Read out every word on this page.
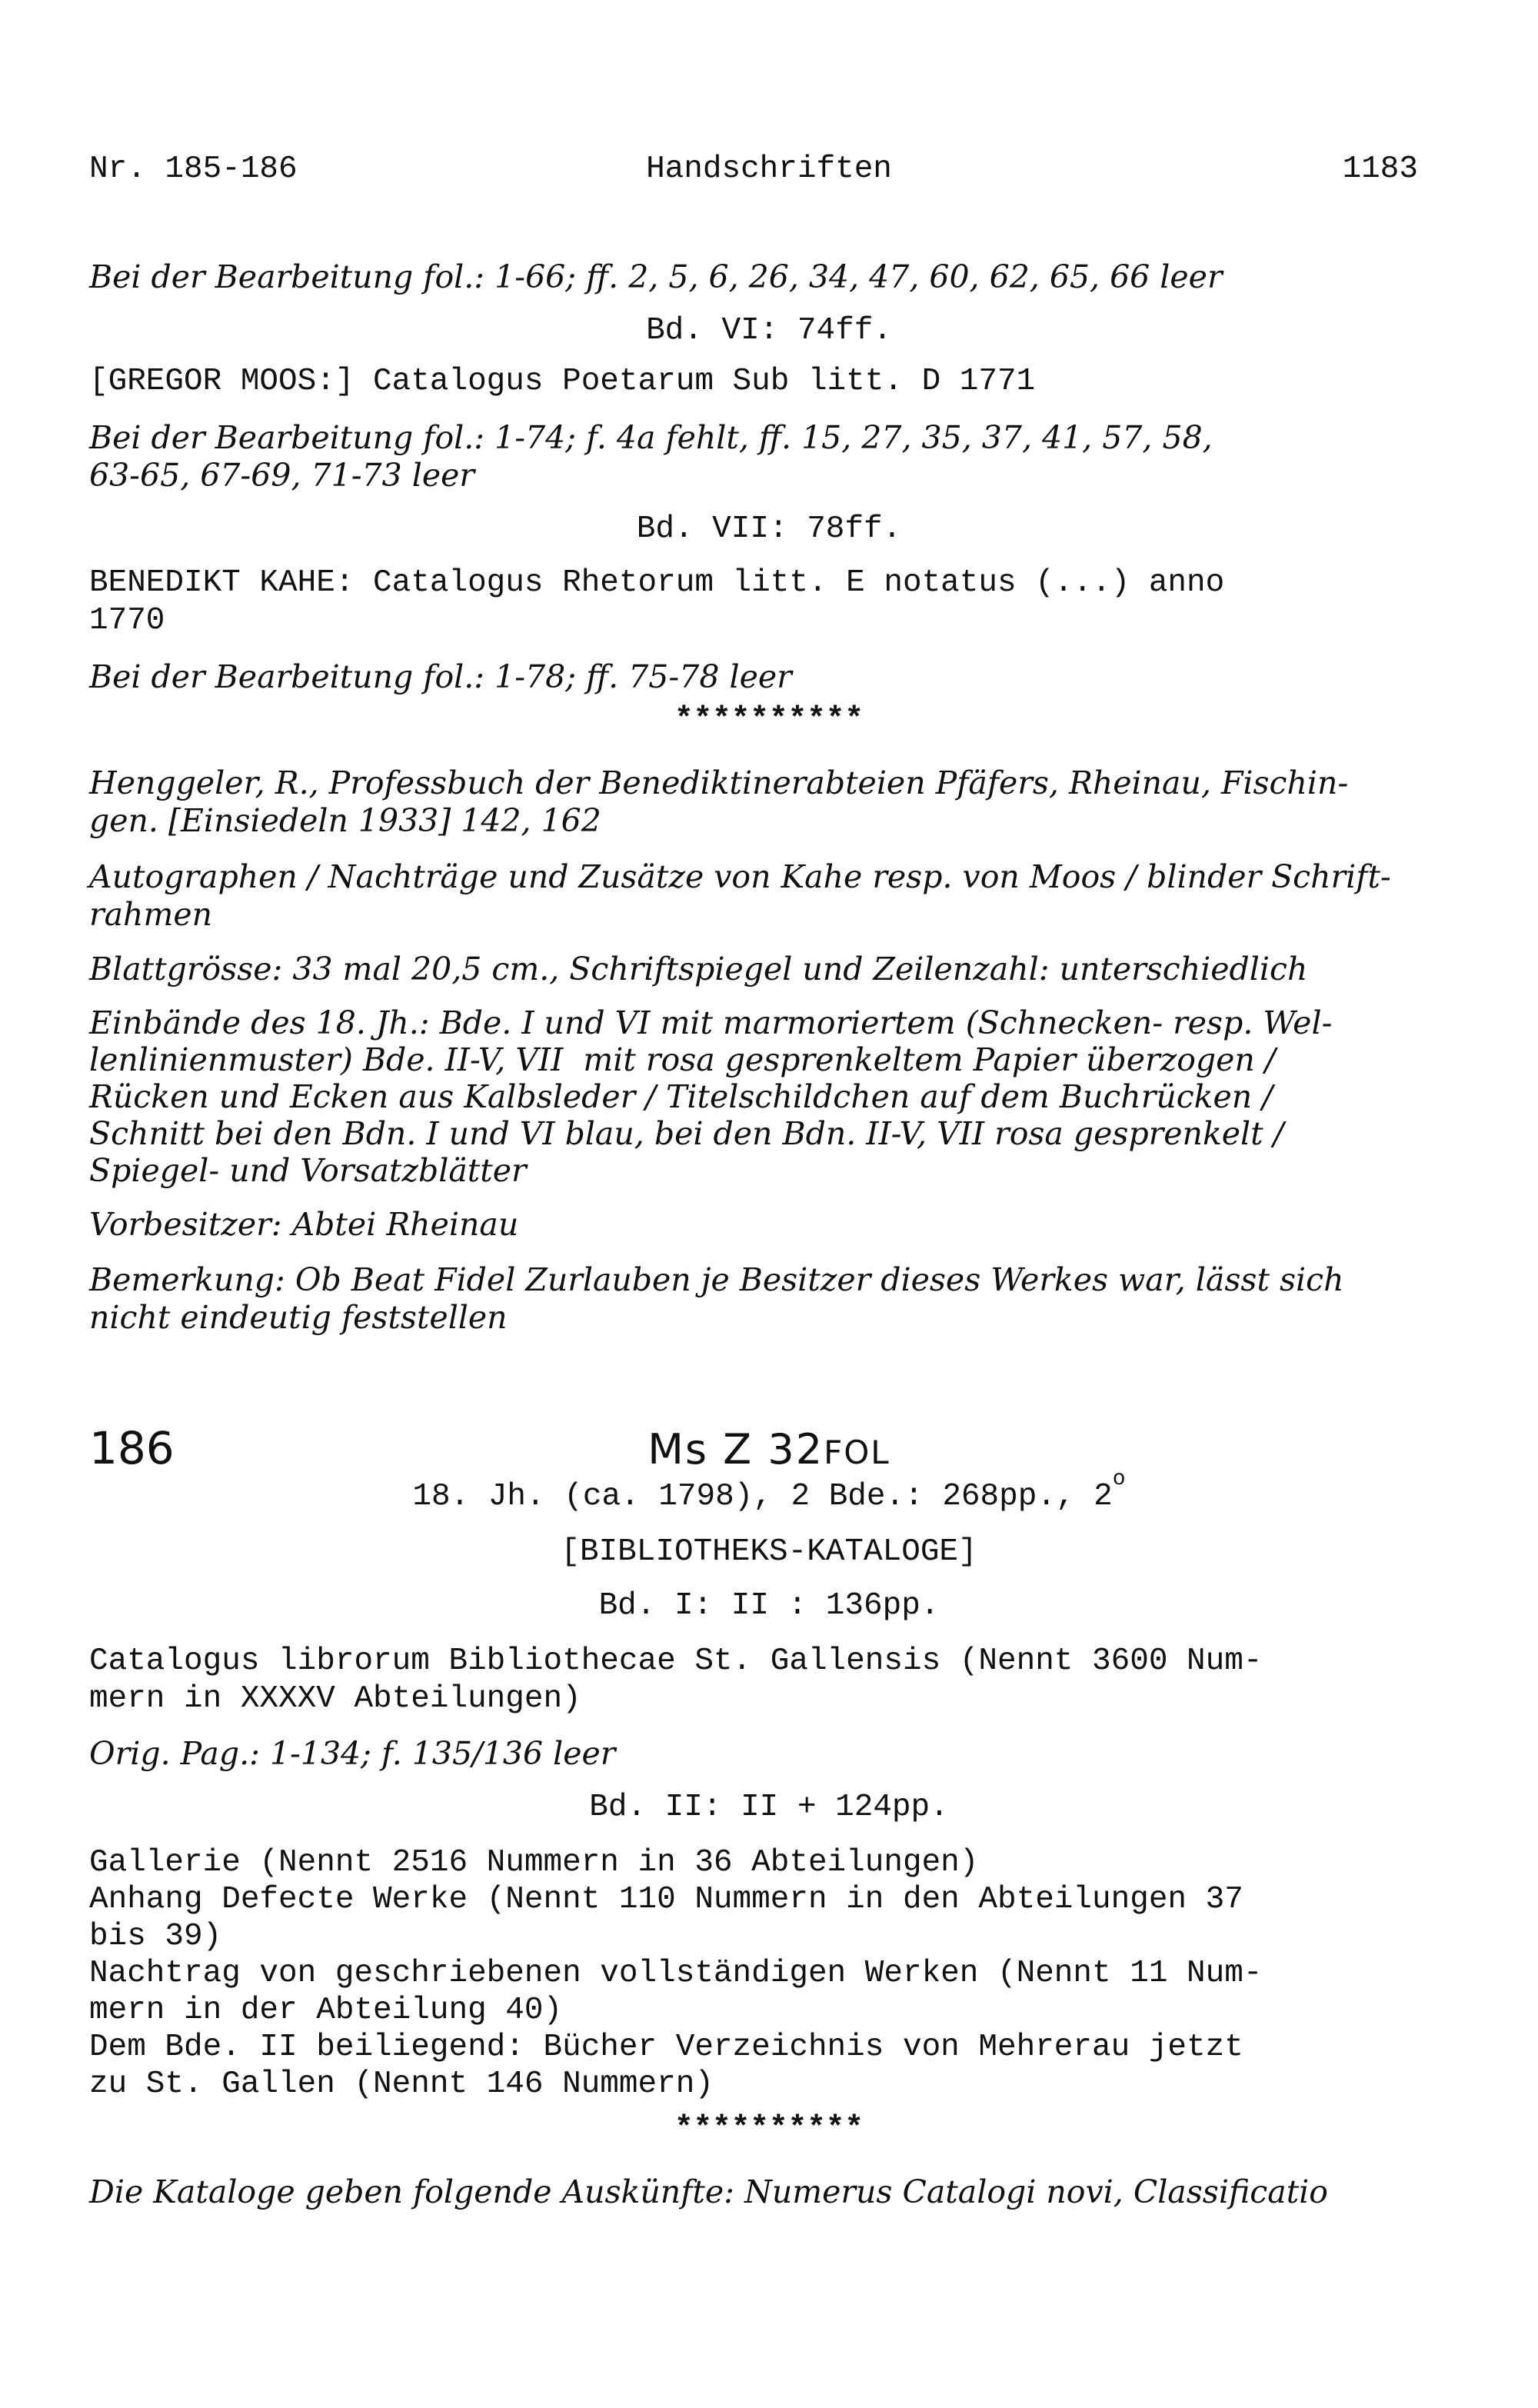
Nr. 185-186	Handschriften	1183

Bei der Bearbeitung fol.: 1-66; ff. 2, 5, 6, 26, 34, 47, 60, 62, 65, 66 leer

Bd. VI: 74ff.

[GREGOR MOOS:] Catalogus Poetarum Sub litt. D 1771

Bei der Bearbeitung fol.: 1-74; f. 4a fehlt, ff. 15, 27, 35, 37, 41, 57, 58,

63-65, 67-69, 71-73 leer

Bd. VII: 78ff.

BENEDIKT KAHE: Catalogus Rhetorum litt. E notatus (...) anno

1770

Bei der Bearbeitung fol.: 1-78; ff. 75-78 leer

**********

Henggeler, R., Professbuch der Benediktinerabteien Pfäfers, Rheinau, Fischin-

gen. [Einsiedeln 1933] 142, 162

Autographen / Nachträge und Zusätze von Kahe resp. von Moos / blinder Schrift-

rahmen

Blattgrösse: 33 mal 20,5 cm., Schriftspiegel und Zeilenzahl: unterschiedlich

Einbände des 18. Jh.: Bde. I und VI mit marmoriertem (Schnecken- resp. Wel-

lenlinienmuster) Bde. II-V, VII  mit rosa gesprenkeltem Papier überzogen /

Rücken und Ecken aus Kalbsleder / Titelschildchen auf dem Buchrücken /

Schnitt bei den Bdn. I und VI blau, bei den Bdn. II-V, VII rosa gesprenkelt /

Spiegel- und Vorsatzblätter

Vorbesitzer: Abtei Rheinau

Bemerkung: Ob Beat Fidel Zurlauben je Besitzer dieses Werkes war, lässt sich

nicht eindeutig feststellen

186	Ms Z 32FOL

18. Jh. (ca. 1798), 2 Bde.: 268pp., 2$^o$

[BIBLIOTHEKS-KATALOGE]

Bd. I: II : 136pp.

Catalogus librorum Bibliothecae St. Gallensis (Nennt 3600 Num-

mern in XXXXV Abteilungen)

Orig. Pag.: 1-134; f. 135/136 leer

Bd. II: II + 124pp.

Gallerie (Nennt 2516 Nummern in 36 Abteilungen)

Anhang Defecte Werke (Nennt 110 Nummern in den Abteilungen 37

bis 39)

Nachtrag von geschriebenen vollständigen Werken (Nennt 11 Num-

mern in der Abteilung 40)

Dem Bde. II beiliegend: Bücher Verzeichnis von Mehrerau jetzt

zu St. Gallen (Nennt 146 Nummern)

**********

Die Kataloge geben folgende Auskünfte: Numerus Catalogi novi, Classificatio
